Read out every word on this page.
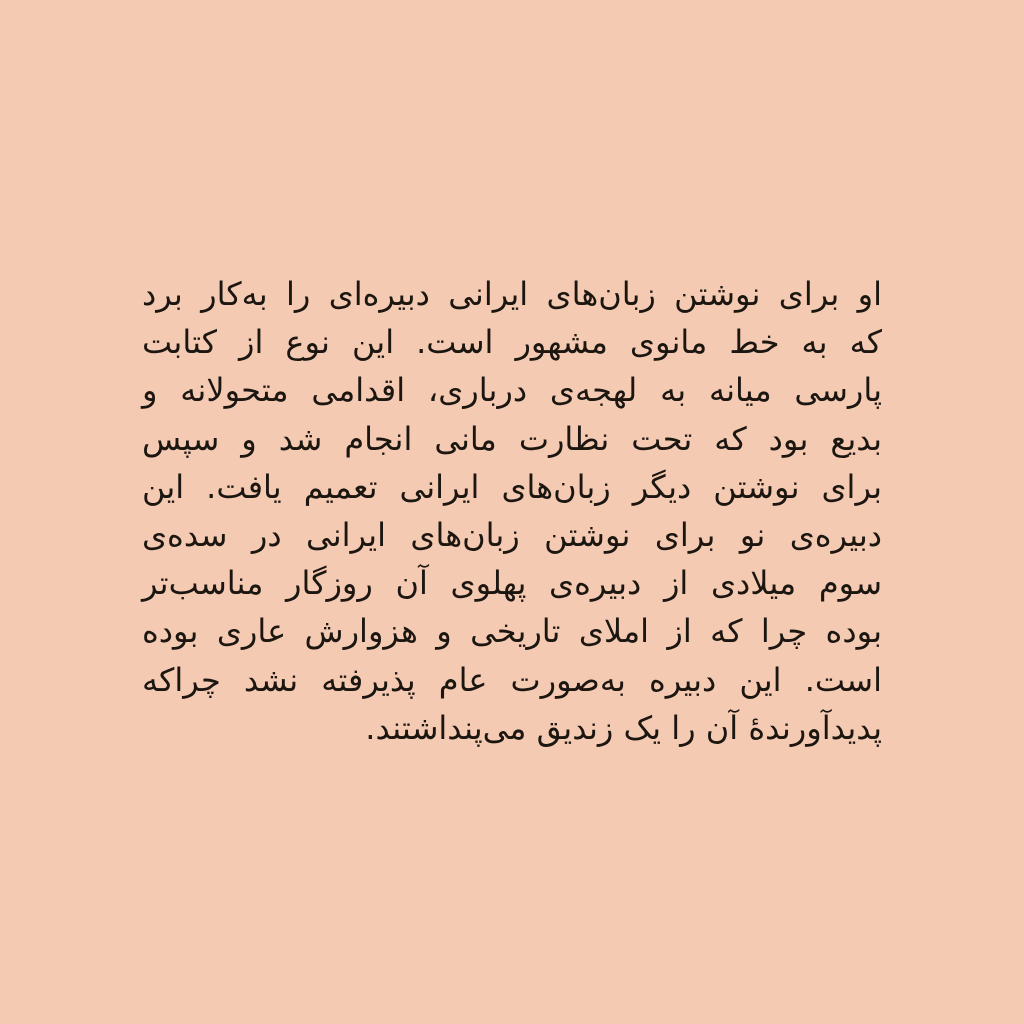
او برای نوشتن زبان‌های ایرانی دبیره‌ای را به‌کار برد
که به خط مانوی مشهور است. این نوع از کتابت
پارسی میانه به لهجه‌ی درباری، اقدامی متحولانه و
بدیع بود که تحت نظارت مانی انجام شد و سپس
برای نوشتن دیگر زبان‌های ایرانی تعمیم یافت. این
دبیره‌ی نو برای نوشتن زبان‌های ایرانی در سده‌ی
سوم میلادی از دبیره‌ی پهلوی آن روزگار مناسب‌تر
بوده چرا که از املای تاریخی و هزوارش عاری بوده
است. این دبیره به‌صورت عام پذیرفته نشد چراکه
پدیدآورنده‌ٔ آن را یک زندیق می‌پنداشتند.
